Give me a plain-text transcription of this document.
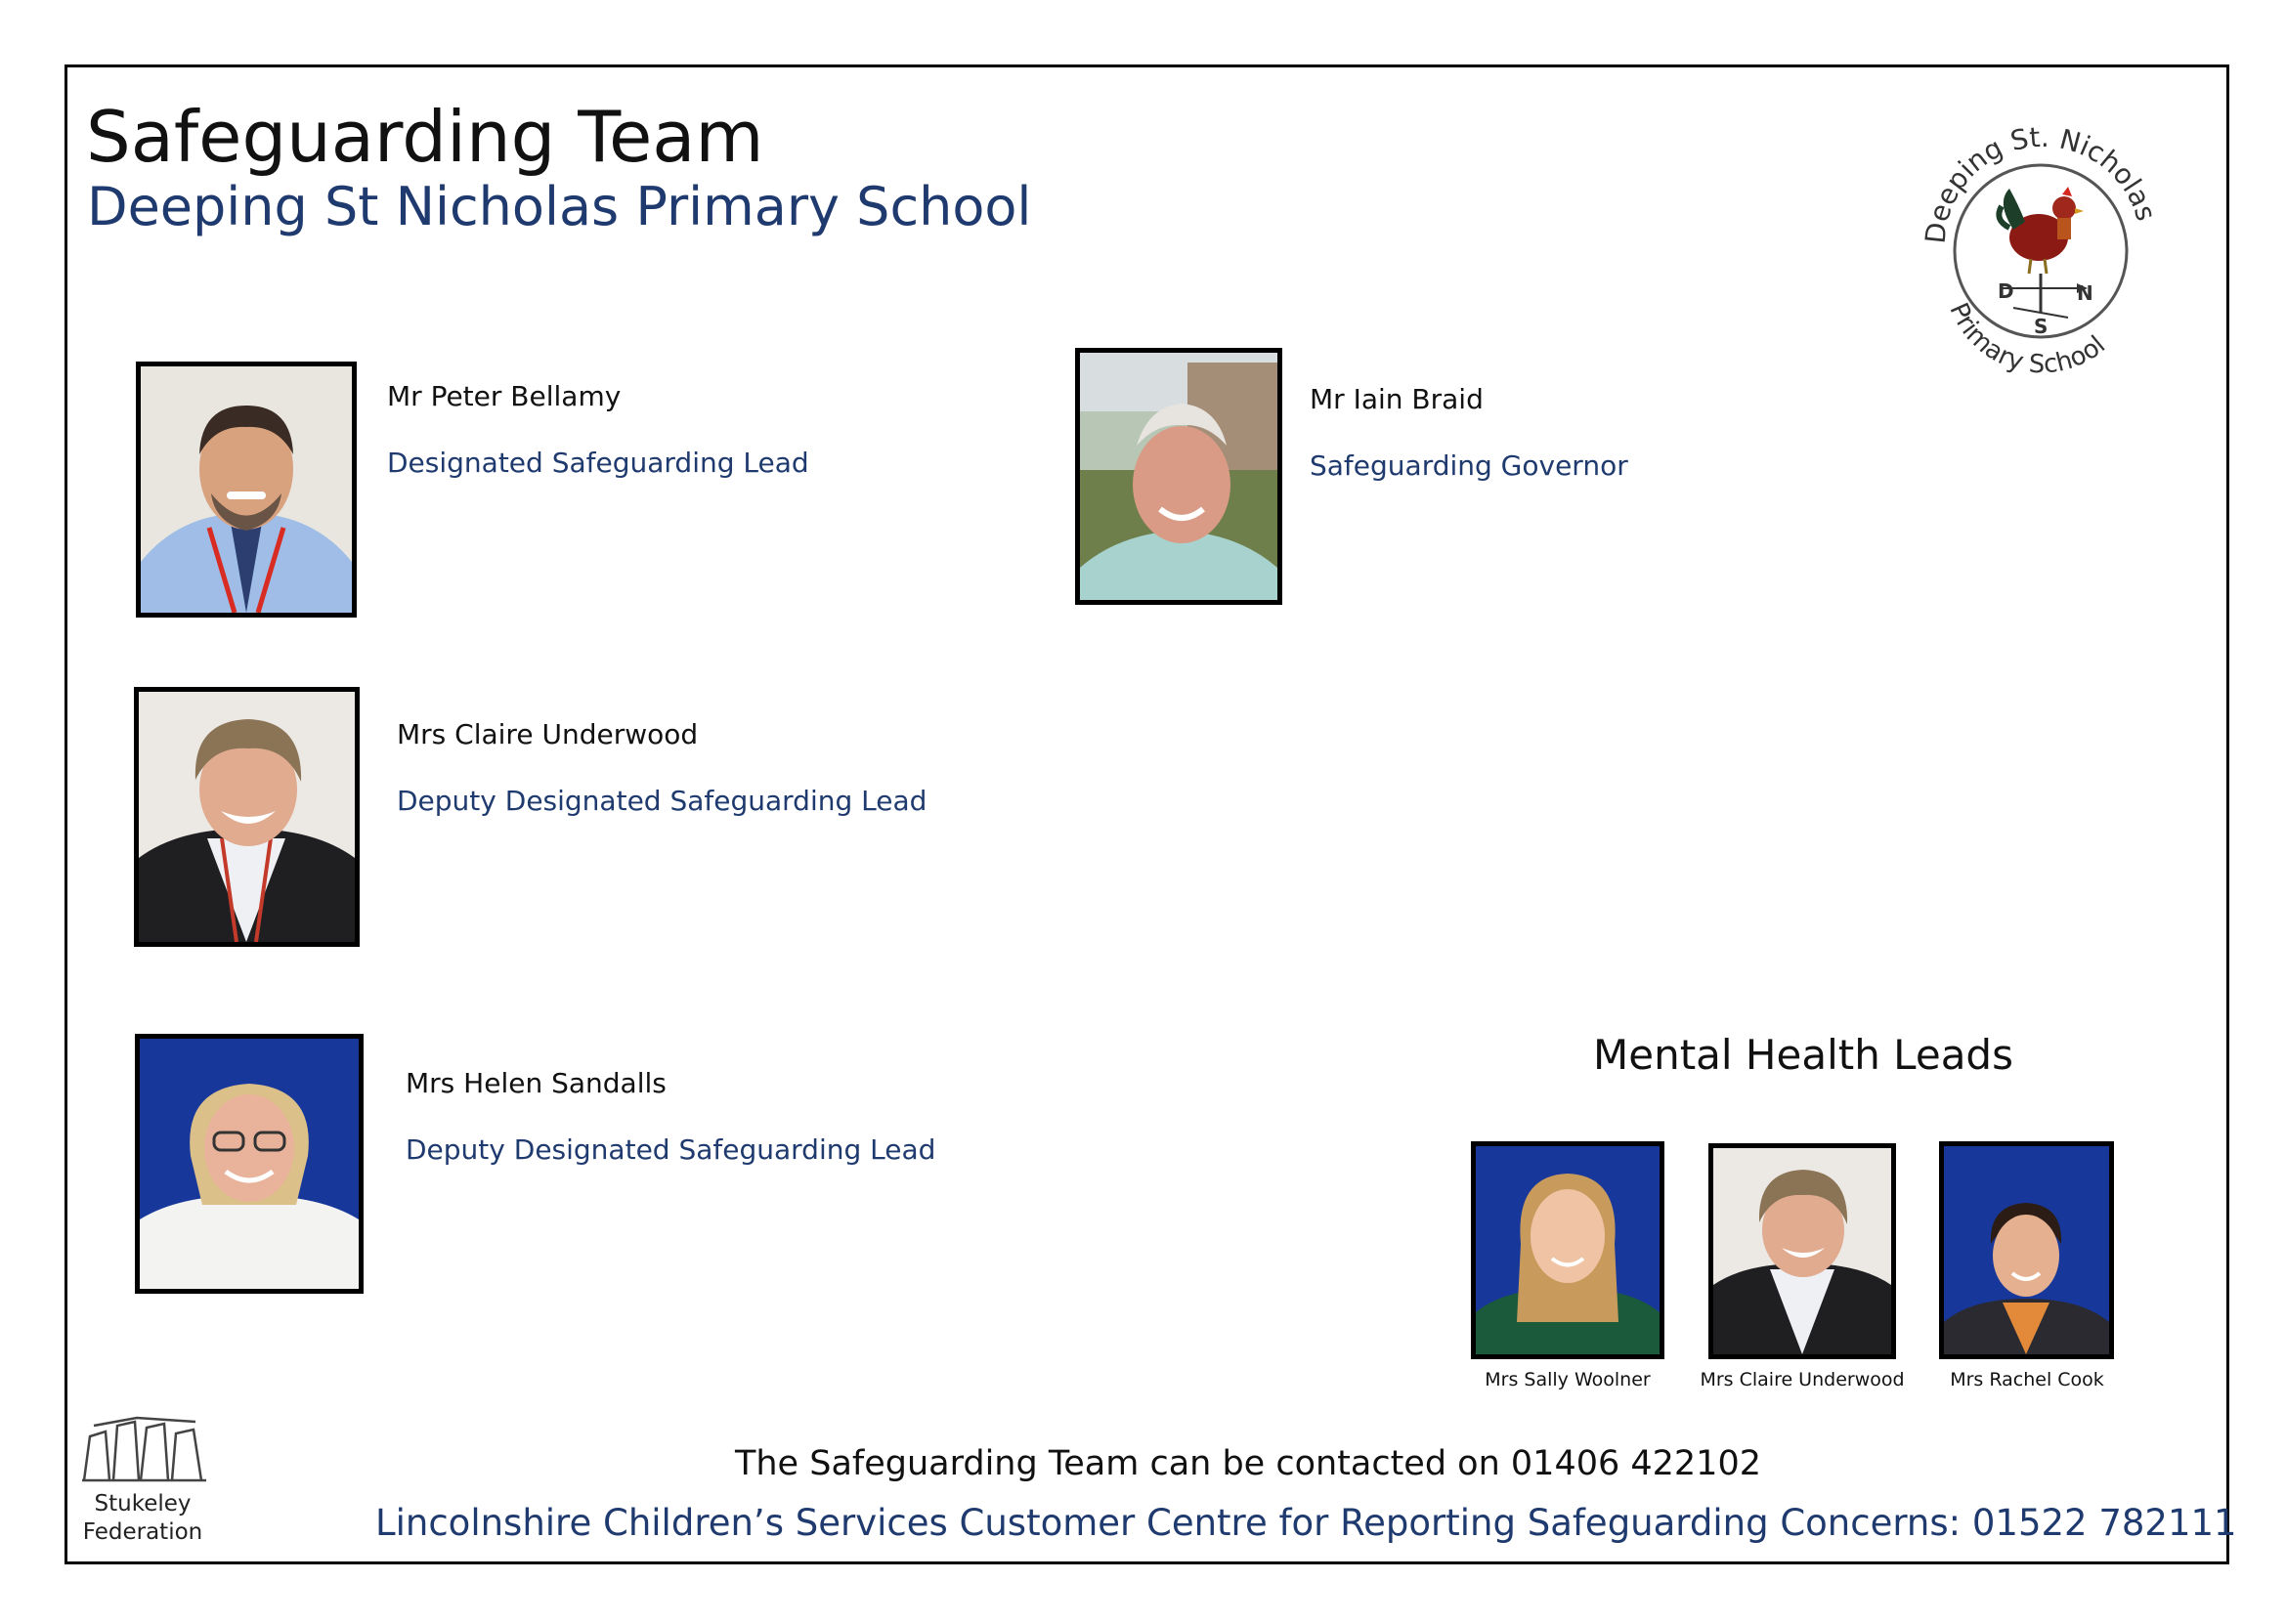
Safeguarding Team
Deeping St Nicholas Primary School	Deeping St. Nicholas
Primary School
D	N
S
Mr Peter Bellamy
Designated Safeguarding Lead
Mr Iain Braid
Safeguarding Governor
Mrs Claire Underwood
Deputy Designated Safeguarding Lead
Mrs Helen Sandalls
Deputy Designated Safeguarding Lead
Mental Health Leads
Mrs Sally Woolner	Mrs Claire Underwood	Mrs Rachel Cook
Stukeley
Federation
The Safeguarding Team can be contacted on 01406 422102
Lincolnshire Children’s Services Customer Centre for Reporting Safeguarding Concerns: 01522 782111
